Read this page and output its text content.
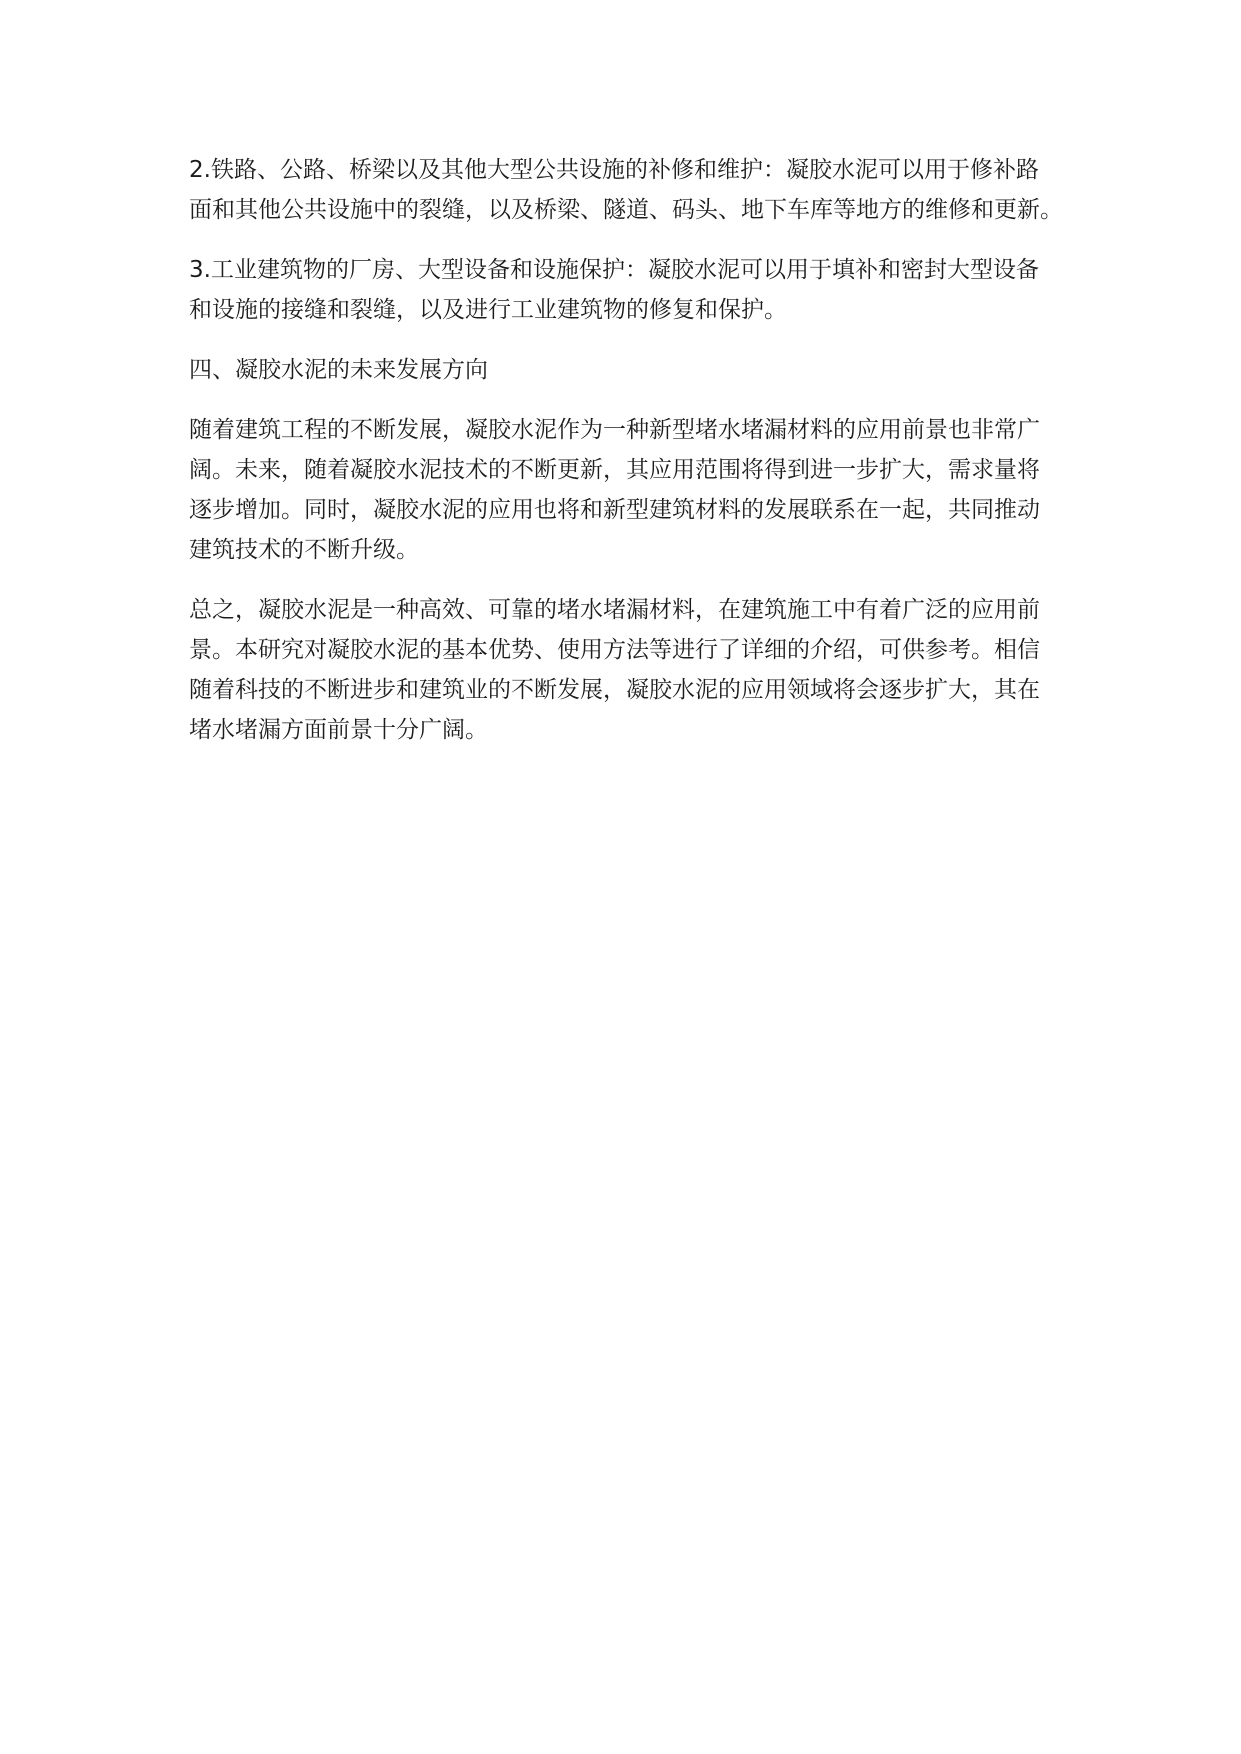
2.铁路、公路、桥梁以及其他大型公共设施的补修和维护：凝胶水泥可以用于修补路
面和其他公共设施中的裂缝，以及桥梁、隧道、码头、地下车库等地方的维修和更新。

3.工业建筑物的厂房、大型设备和设施保护：凝胶水泥可以用于填补和密封大型设备
和设施的接缝和裂缝，以及进行工业建筑物的修复和保护。

四、凝胶水泥的未来发展方向

随着建筑工程的不断发展，凝胶水泥作为一种新型堵水堵漏材料的应用前景也非常广
阔。未来，随着凝胶水泥技术的不断更新，其应用范围将得到进一步扩大，需求量将
逐步增加。同时，凝胶水泥的应用也将和新型建筑材料的发展联系在一起，共同推动
建筑技术的不断升级。

总之，凝胶水泥是一种高效、可靠的堵水堵漏材料，在建筑施工中有着广泛的应用前
景。本研究对凝胶水泥的基本优势、使用方法等进行了详细的介绍，可供参考。相信
随着科技的不断进步和建筑业的不断发展，凝胶水泥的应用领域将会逐步扩大，其在
堵水堵漏方面前景十分广阔。
